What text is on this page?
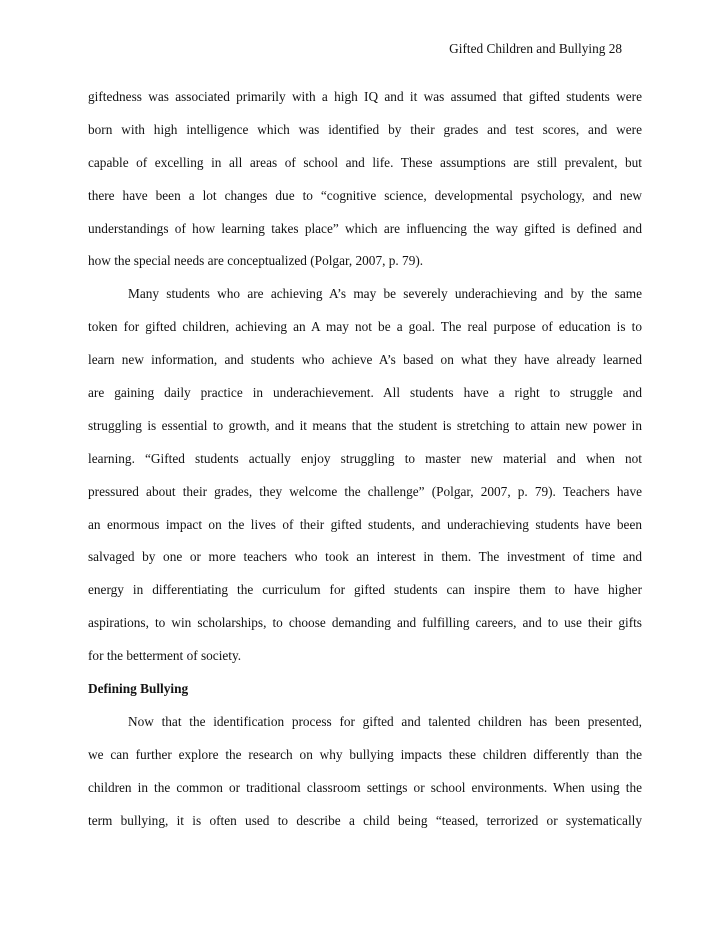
Gifted Children and Bullying 28
giftedness was associated primarily with a high IQ and it was assumed that gifted students were
born with high intelligence which was identified by their grades and test scores, and were
capable of excelling in all areas of school and life. These assumptions are still prevalent, but
there have been a lot changes due to “cognitive science, developmental psychology, and new
understandings of how learning takes place” which are influencing the way gifted is defined and
how the special needs are conceptualized (Polgar, 2007, p. 79).
Many students who are achieving A’s may be severely underachieving and by the same
token for gifted children, achieving an A may not be a goal. The real purpose of education is to
learn new information, and students who achieve A’s based on what they have already learned
are gaining daily practice in underachievement. All students have a right to struggle and
struggling is essential to growth, and it means that the student is stretching to attain new power in
learning. “Gifted students actually enjoy struggling to master new material and when not
pressured about their grades, they welcome the challenge” (Polgar, 2007, p. 79). Teachers have
an enormous impact on the lives of their gifted students, and underachieving students have been
salvaged by one or more teachers who took an interest in them. The investment of time and
energy in differentiating the curriculum for gifted students can inspire them to have higher
aspirations, to win scholarships, to choose demanding and fulfilling careers, and to use their gifts
for the betterment of society.
Defining Bullying
Now that the identification process for gifted and talented children has been presented,
we can further explore the research on why bullying impacts these children differently than the
children in the common or traditional classroom settings or school environments. When using the
term bullying, it is often used to describe a child being “teased, terrorized or systematically
